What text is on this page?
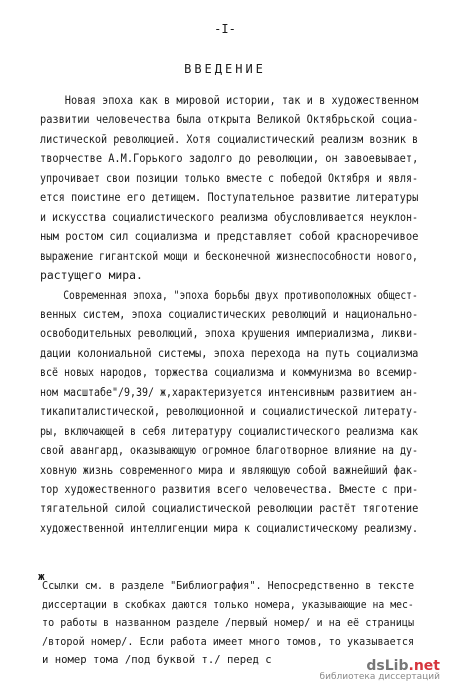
-I-
ВВЕДЕНИЕ
Новая эпоха как в мировой истории, так и в художественном
развитии человечества была открыта Великой Октябрьской социа-
листической революцией. Хотя социалистический реализм возник в
творчестве А.М.Горького задолго до революции, он завоевывает,
упрочивает свои позиции только вместе с победой Октября и явля-
ется поистине его детищем. Поступательное развитие литературы
и искусства социалистического реализма обусловливается неуклон-
ным ростом сил социализма и представляет собой красноречивое
выражение гигантской мощи и бесконечной жизнеспособности нового,
растущего мира.
Современная эпоха, "эпоха борьбы двух противоположных общест-
венных систем, эпоха социалистических революций и национально-
освободительных революций, эпоха крушения империализма, ликви-
дации колониальной системы, эпоха перехода на путь социализма
всё новых народов, торжества социализма и коммунизма во всемир-
ном масштабе"/9,39/ ж,характеризуется интенсивным развитием ан-
тикапиталистической, революционной и социалистической литерату-
ры, включающей в себя литературу социалистического реализма как
свой авангард, оказывающую огромное благотворное влияние на ду-
ховную жизнь современного мира и являющую собой важнейший фак-
тор художественного развития всего человечества. Вместе с при-
тягательной силой социалистической революции растёт тяготение
художественной интеллигенции мира к социалистическому реализму.
ж
Ссылки см. в разделе "Библиография". Непосредственно в тексте
диссертации в скобках даются только номера, указывающие на мес-
то работы в названном разделе /первый номер/ и на её страницы
/второй номер/. Если работа имеет много томов, то указывается
и номер тома /под буквой т./ перед с	dsLib.net
библиотека диссертаций
